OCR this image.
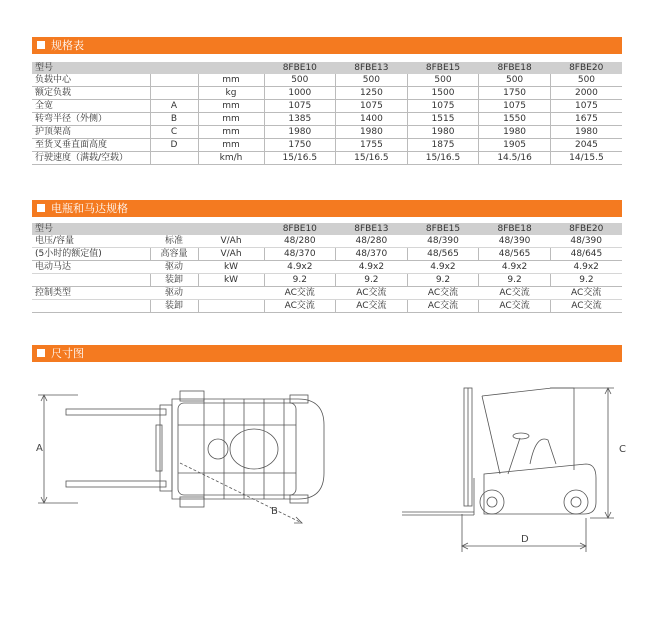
规格表
型号			8FBE10	8FBE13	8FBE15	8FBE18	8FBE20
负载中心		mm	500	500	500	500	500
额定负载		kg	1000	1250	1500	1750	2000
全宽	A	mm	1075	1075	1075	1075	1075
转弯半径（外侧）	B	mm	1385	1400	1515	1550	1675
护顶架高	C	mm	1980	1980	1980	1980	1980
至货叉垂直面高度	D	mm	1750	1755	1875	1905	2045
行驶速度（满载/空载）		km/h	15/16.5	15/16.5	15/16.5	14.5/16	14/15.5
电瓶和马达规格
型号			8FBE10	8FBE13	8FBE15	8FBE18	8FBE20
电压/容量	标准	V/Ah	48/280	48/280	48/390	48/390	48/390
(5小时的额定值)	高容量	V/Ah	48/370	48/370	48/565	48/565	48/645
电动马达	驱动	kW	4.9x2	4.9x2	4.9x2	4.9x2	4.9x2
	装卸	kW	9.2	9.2	9.2	9.2	9.2
控制类型	驱动		AC交流	AC交流	AC交流	AC交流	AC交流
	装卸		AC交流	AC交流	AC交流	AC交流	AC交流
尺寸图
A
B
C
D
